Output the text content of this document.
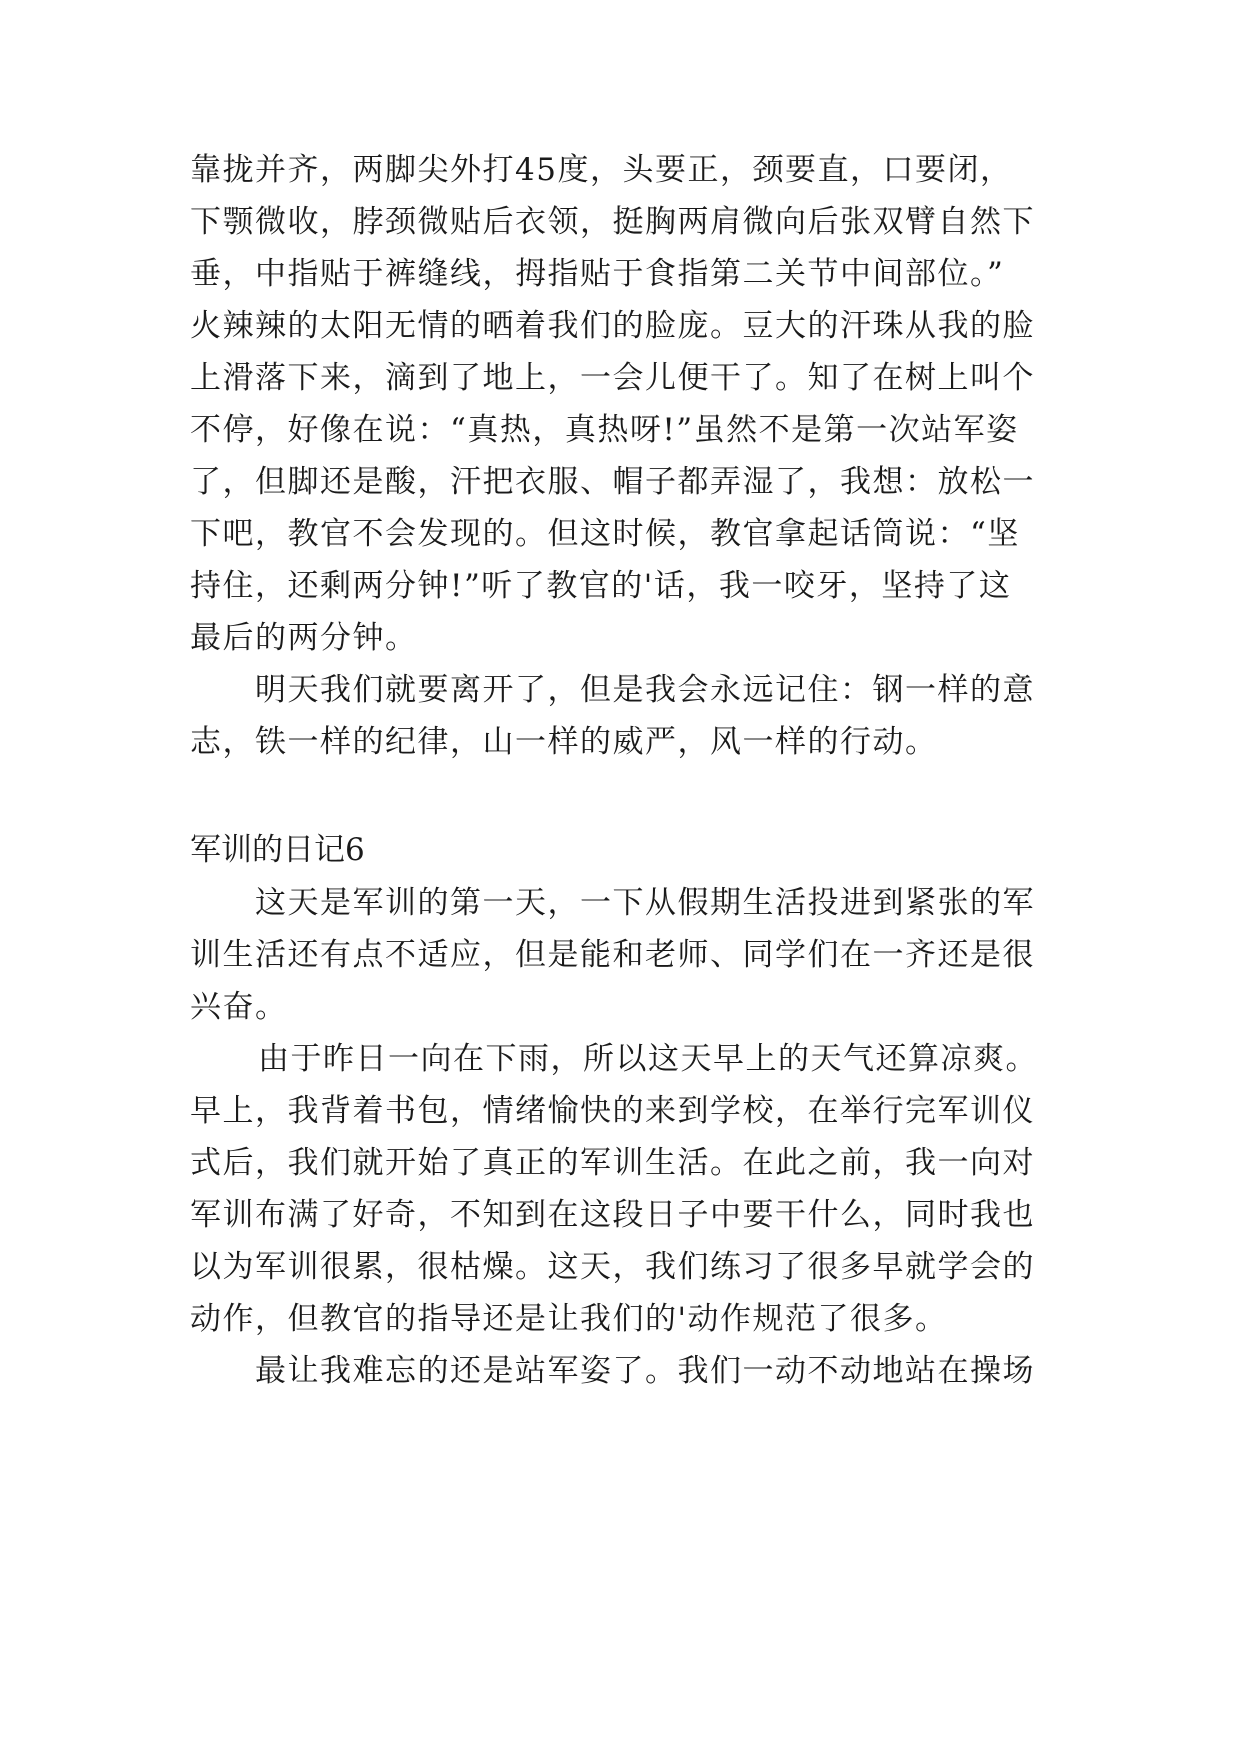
靠拢并齐，两脚尖外打45度，头要正，颈要直，口要闭，
下颚微收，脖颈微贴后衣领，挺胸两肩微向后张双臂自然下
垂，中指贴于裤缝线，拇指贴于食指第二关节中间部位。”
火辣辣的太阳无情的晒着我们的脸庞。豆大的汗珠从我的脸
上滑落下来，滴到了地上，一会儿便干了。知了在树上叫个
不停，好像在说：“真热，真热呀!”虽然不是第一次站军姿
了，但脚还是酸，汗把衣服、帽子都弄湿了，我想：放松一
下吧，教官不会发现的。但这时候，教官拿起话筒说：“坚
持住，还剩两分钟!”听了教官的'话，我一咬牙，坚持了这
最后的两分钟。
明天我们就要离开了，但是我会永远记住：钢一样的意
志，铁一样的纪律，山一样的威严，风一样的行动。
军训的日记6
这天是军训的第一天，一下从假期生活投进到紧张的军
训生活还有点不适应，但是能和老师、同学们在一齐还是很
兴奋。
由于昨日一向在下雨，所以这天早上的天气还算凉爽。
早上，我背着书包，情绪愉快的来到学校，在举行完军训仪
式后，我们就开始了真正的军训生活。在此之前，我一向对
军训布满了好奇，不知到在这段日子中要干什么，同时我也
以为军训很累，很枯燥。这天，我们练习了很多早就学会的
动作，但教官的指导还是让我们的'动作规范了很多。
最让我难忘的还是站军姿了。我们一动不动地站在操场
